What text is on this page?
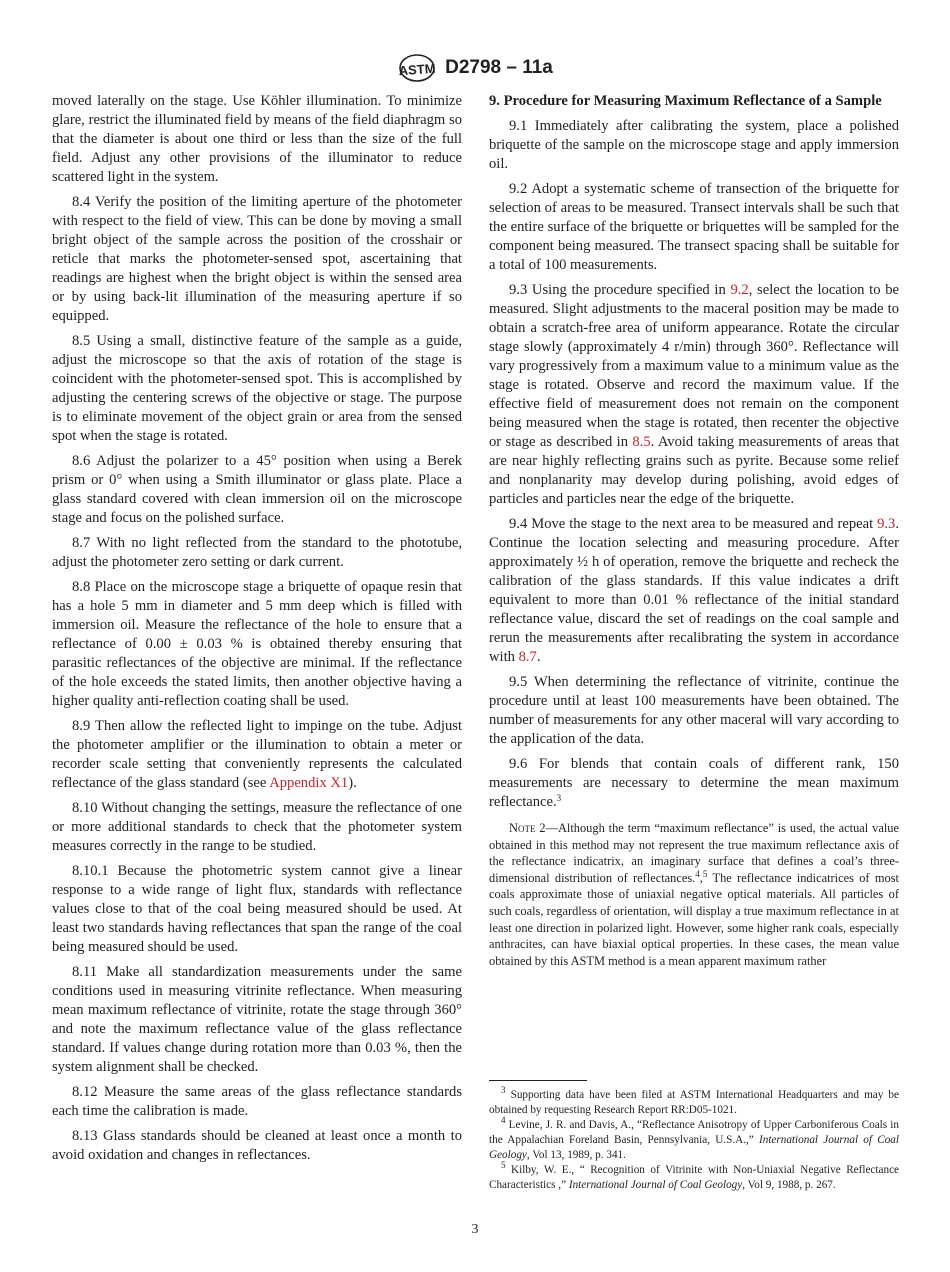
ASTM D2798 – 11a

moved laterally on the stage. Use Köhler illumination. To minimize glare, restrict the illuminated field by means of the field diaphragm so that the diameter is about one third or less than the size of the full field. Adjust any other provisions of the illuminator to reduce scattered light in the system.

8.4 Verify the position of the limiting aperture of the photometer with respect to the field of view. This can be done by moving a small bright object of the sample across the position of the crosshair or reticle that marks the photometer-sensed spot, ascertaining that readings are highest when the bright object is within the sensed area or by using back-lit illumination of the measuring aperture if so equipped.

8.5 Using a small, distinctive feature of the sample as a guide, adjust the microscope so that the axis of rotation of the stage is coincident with the photometer-sensed spot. This is accomplished by adjusting the centering screws of the objective or stage. The purpose is to eliminate movement of the object grain or area from the sensed spot when the stage is rotated.

8.6 Adjust the polarizer to a 45° position when using a Berek prism or 0° when using a Smith illuminator or glass plate. Place a glass standard covered with clean immersion oil on the microscope stage and focus on the polished surface.

8.7 With no light reflected from the standard to the phototube, adjust the photometer zero setting or dark current.

8.8 Place on the microscope stage a briquette of opaque resin that has a hole 5 mm in diameter and 5 mm deep which is filled with immersion oil. Measure the reflectance of the hole to ensure that a reflectance of 0.00 ± 0.03 % is obtained thereby ensuring that parasitic reflectances of the objective are minimal. If the reflectance of the hole exceeds the stated limits, then another objective having a higher quality anti-reflection coating shall be used.

8.9 Then allow the reflected light to impinge on the tube. Adjust the photometer amplifier or the illumination to obtain a meter or recorder scale setting that conveniently represents the calculated reflectance of the glass standard (see Appendix X1).

8.10 Without changing the settings, measure the reflectance of one or more additional standards to check that the photometer system measures correctly in the range to be studied.

8.10.1 Because the photometric system cannot give a linear response to a wide range of light flux, standards with reflectance values close to that of the coal being measured should be used. At least two standards having reflectances that span the range of the coal being measured should be used.

8.11 Make all standardization measurements under the same conditions used in measuring vitrinite reflectance. When measuring mean maximum reflectance of vitrinite, rotate the stage through 360° and note the maximum reflectance value of the glass reflectance standard. If values change during rotation more than 0.03 %, then the system alignment shall be checked.

8.12 Measure the same areas of the glass reflectance standards each time the calibration is made.

8.13 Glass standards should be cleaned at least once a month to avoid oxidation and changes in reflectances.

9. Procedure for Measuring Maximum Reflectance of a Sample

9.1 Immediately after calibrating the system, place a polished briquette of the sample on the microscope stage and apply immersion oil.

9.2 Adopt a systematic scheme of transection of the briquette for selection of areas to be measured. Transect intervals shall be such that the entire surface of the briquette or briquettes will be sampled for the component being measured. The transect spacing shall be suitable for a total of 100 measurements.

9.3 Using the procedure specified in 9.2, select the location to be measured. Slight adjustments to the maceral position may be made to obtain a scratch-free area of uniform appearance. Rotate the circular stage slowly (approximately 4 r/min) through 360°. Reflectance will vary progressively from a maximum value to a minimum value as the stage is rotated. Observe and record the maximum value. If the effective field of measurement does not remain on the component being measured when the stage is rotated, then recenter the objective or stage as described in 8.5. Avoid taking measurements of areas that are near highly reflecting grains such as pyrite. Because some relief and nonplanarity may develop during polishing, avoid edges of particles and particles near the edge of the briquette.

9.4 Move the stage to the next area to be measured and repeat 9.3. Continue the location selecting and measuring procedure. After approximately ½ h of operation, remove the briquette and recheck the calibration of the glass standards. If this value indicates a drift equivalent to more than 0.01 % reflectance of the initial standard reflectance value, discard the set of readings on the coal sample and rerun the measurements after recalibrating the system in accordance with 8.7.

9.5 When determining the reflectance of vitrinite, continue the procedure until at least 100 measurements have been obtained. The number of measurements for any other maceral will vary according to the application of the data.

9.6 For blends that contain coals of different rank, 150 measurements are necessary to determine the mean maximum reflectance.$^3$

Note 2—Although the term “maximum reflectance” is used, the actual value obtained in this method may not represent the true maximum reflectance axis of the reflectance indicatrix, an imaginary surface that defines a coal’s three-dimensional distribution of reflectances.$^4$,$^5$ The reflectance indicatrices of most coals approximate those of uniaxial negative optical materials. All particles of such coals, regardless of orientation, will display a true maximum reflectance in at least one direction in polarized light. However, some higher rank coals, especially anthracites, can have biaxial optical properties. In these cases, the mean value obtained by this ASTM method is a mean apparent maximum rather

$^3$ Supporting data have been filed at ASTM International Headquarters and may be obtained by requesting Research Report RR:D05-1021.

$^4$ Levine, J. R. and Davis, A., “Reflectance Anisotropy of Upper Carboniferous Coals in the Appalachian Foreland Basin, Pennsylvania, U.S.A.,” International Journal of Coal Geology, Vol 13, 1989, p. 341.

$^5$ Kilby, W. E., “ Recognition of Vitrinite with Non-Uniaxial Negative Reflectance Characteristics ,” International Journal of Coal Geology, Vol 9, 1988, p. 267.

3
